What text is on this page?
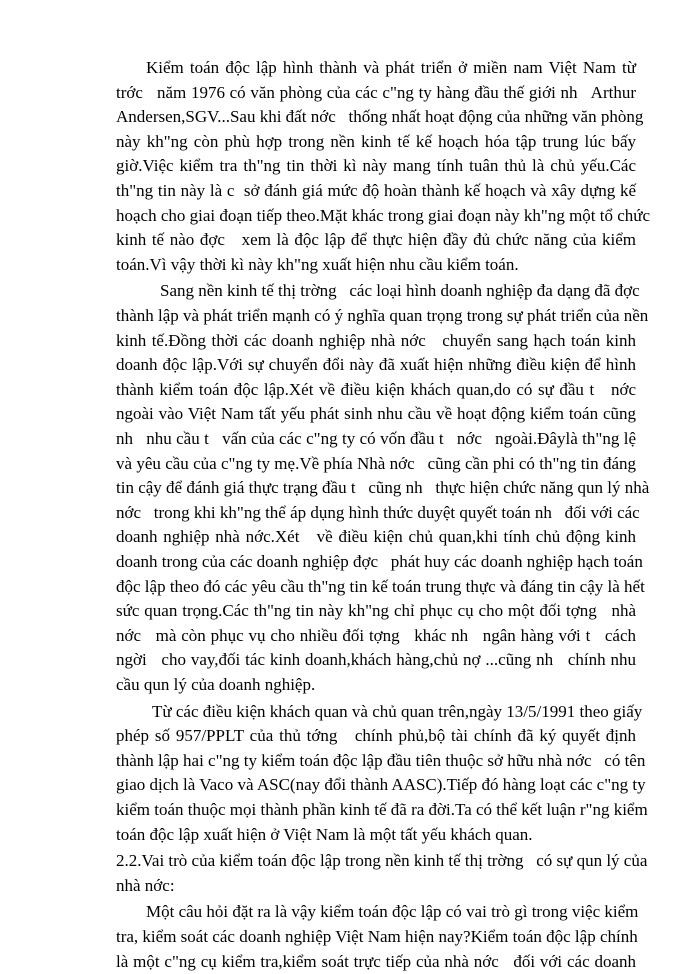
Kiểm toán độc lập hình thành và phát triển ở miền nam Việt Nam từ
trớc   năm 1976 có văn phòng của các c"ng ty hàng đầu thế giới nh   Arthur
Andersen,SGV...Sau khi đất nớc   thống nhất hoạt động của những văn phòng
này kh"ng còn phù hợp trong nền kinh tế kế hoạch hóa tập trung lúc bấy
giờ.Việc kiểm tra th"ng tin thời kì này mang tính tuân thủ là chủ yếu.Các
th"ng tin này là c  sở đánh giá mức độ hoàn thành kế hoạch và xây dựng kế
hoạch cho giai đoạn tiếp theo.Mặt khác trong giai đoạn này kh"ng một tổ chức
kinh tế nào đợc   xem là độc lập để thực hiện đầy đủ chức năng của kiểm
toán.Vì vậy thời kì này kh"ng xuất hiện nhu cầu kiểm toán.
Sang nền kinh tế thị trờng   các loại hình doanh nghiệp đa dạng đã đợc
thành lập và phát triển mạnh có ý nghĩa quan trọng trong sự phát triển của nền
kinh tế.Đồng thời các doanh nghiệp nhà nớc   chuyển sang hạch toán kinh
doanh độc lập.Với sự chuyển đổi này đã xuất hiện những điều kiện để hình
thành kiểm toán độc lập.Xét về điều kiện khách quan,do có sự đầu t   nớc
ngoài vào Việt Nam tất yếu phát sinh nhu cầu về hoạt động kiểm toán cũng
nh   nhu cầu t   vấn của các c"ng ty có vốn đầu t   nớc   ngoài.Đâylà th"ng lệ
và yêu cầu của c"ng ty mẹ.Về phía Nhà nớc   cũng cần phi có th"ng tin đáng
tin cậy để đánh giá thực trạng đầu t   cũng nh   thực hiện chức năng qun lý nhà
nớc   trong khi kh"ng thể áp dụng hình thức duyệt quyết toán nh   đối với các
doanh nghiệp nhà nớc.Xét   về điều kiện chủ quan,khi tính chủ động kinh
doanh trong của các doanh nghiệp đợc   phát huy các doanh nghiệp hạch toán
độc lập theo đó các yêu cầu th"ng tin kế toán trung thực và đáng tin cậy là hết
sức quan trọng.Các th"ng tin này kh"ng chỉ phục cụ cho một đối tợng   nhà
nớc   mà còn phục vụ cho nhiều đối tợng   khác nh   ngân hàng với t   cách
ngời   cho vay,đối tác kinh doanh,khách hàng,chủ nợ ...cũng nh   chính nhu
cầu qun lý của doanh nghiệp.
Từ các điều kiện khách quan và chủ quan trên,ngày 13/5/1991 theo giấy
phép số 957/PPLT của thủ tớng   chính phủ,bộ tài chính đã ký quyết định
thành lập hai c"ng ty kiểm toán độc lập đầu tiên thuộc sở hữu nhà nớc   có tên
giao dịch là Vaco và ASC(nay đổi thành AASC).Tiếp đó hàng loạt các c"ng ty
kiểm toán thuộc mọi thành phần kinh tế đã ra đời.Ta có thể kết luận r"ng kiểm
toán độc lập xuất hiện ở Việt Nam là một tất yếu khách quan.
2.2.Vai trò của kiểm toán độc lập trong nền kinh tế thị trờng   có sự qun lý của
nhà nớc:
Một câu hỏi đặt ra là vậy kiểm toán độc lập có vai trò gì trong việc kiểm
tra, kiểm soát các doanh nghiệp Việt Nam hiện nay?Kiểm toán độc lập chính
là một c"ng cụ kiểm tra,kiểm soát trực tiếp của nhà nớc   đối với các doanh
